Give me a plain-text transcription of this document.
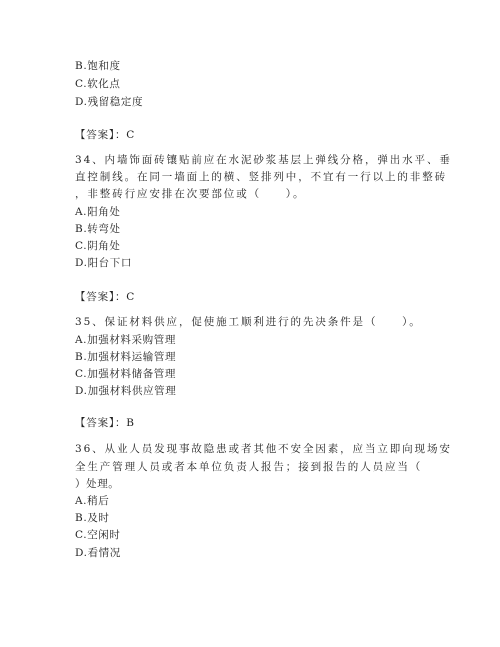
B.饱和度
C.软化点
D.残留稳定度
【答案】：C
34、内墙饰面砖镶贴前应在水泥砂浆基层上弹线分格，弹出水平、垂
直控制线。在同一墙面上的横、竖排列中，不宜有一行以上的非整砖
，非整砖行应安排在次要部位或（　　）。
A.阳角处
B.转弯处
C.阴角处
D.阳台下口
【答案】：C
35、保证材料供应，促使施工顺利进行的先决条件是（　　）。
A.加强材料采购管理
B.加强材料运输管理
C.加强材料储备管理
D.加强材料供应管理
【答案】：B
36、从业人员发现事故隐患或者其他不安全因素，应当立即向现场安
全生产管理人员或者本单位负责人报告；接到报告的人员应当（
）处理。
A.稍后
B.及时
C.空闲时
D.看情况
